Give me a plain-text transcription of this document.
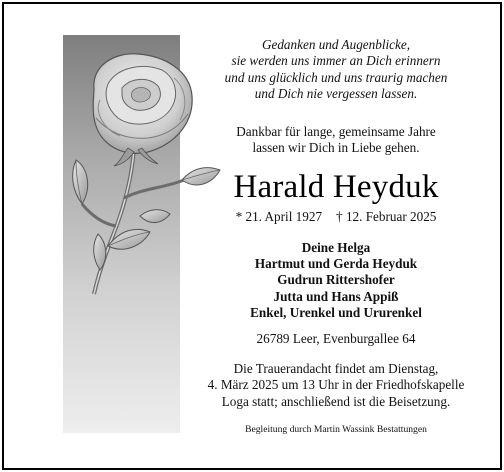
Gedanken und Augenblicke,
sie werden uns immer an Dich erinnern
und uns glücklich und uns traurig machen
und Dich nie vergessen lassen.
Dankbar für lange, gemeinsame Jahre
lassen wir Dich in Liebe gehen.
Harald Heyduk
* 21. April 1927 † 12. Februar 2025
Deine Helga
Hartmut und Gerda Heyduk
Gudrun Rittershofer
Jutta und Hans Appiß
Enkel, Urenkel und Ururenkel
26789 Leer, Evenburgallee 64
Die Trauerandacht findet am Dienstag,
4. März 2025 um 13 Uhr in der Friedhofskapelle
Loga statt; anschließend ist die Beisetzung.
Begleitung durch Martin Wassink Bestattungen
